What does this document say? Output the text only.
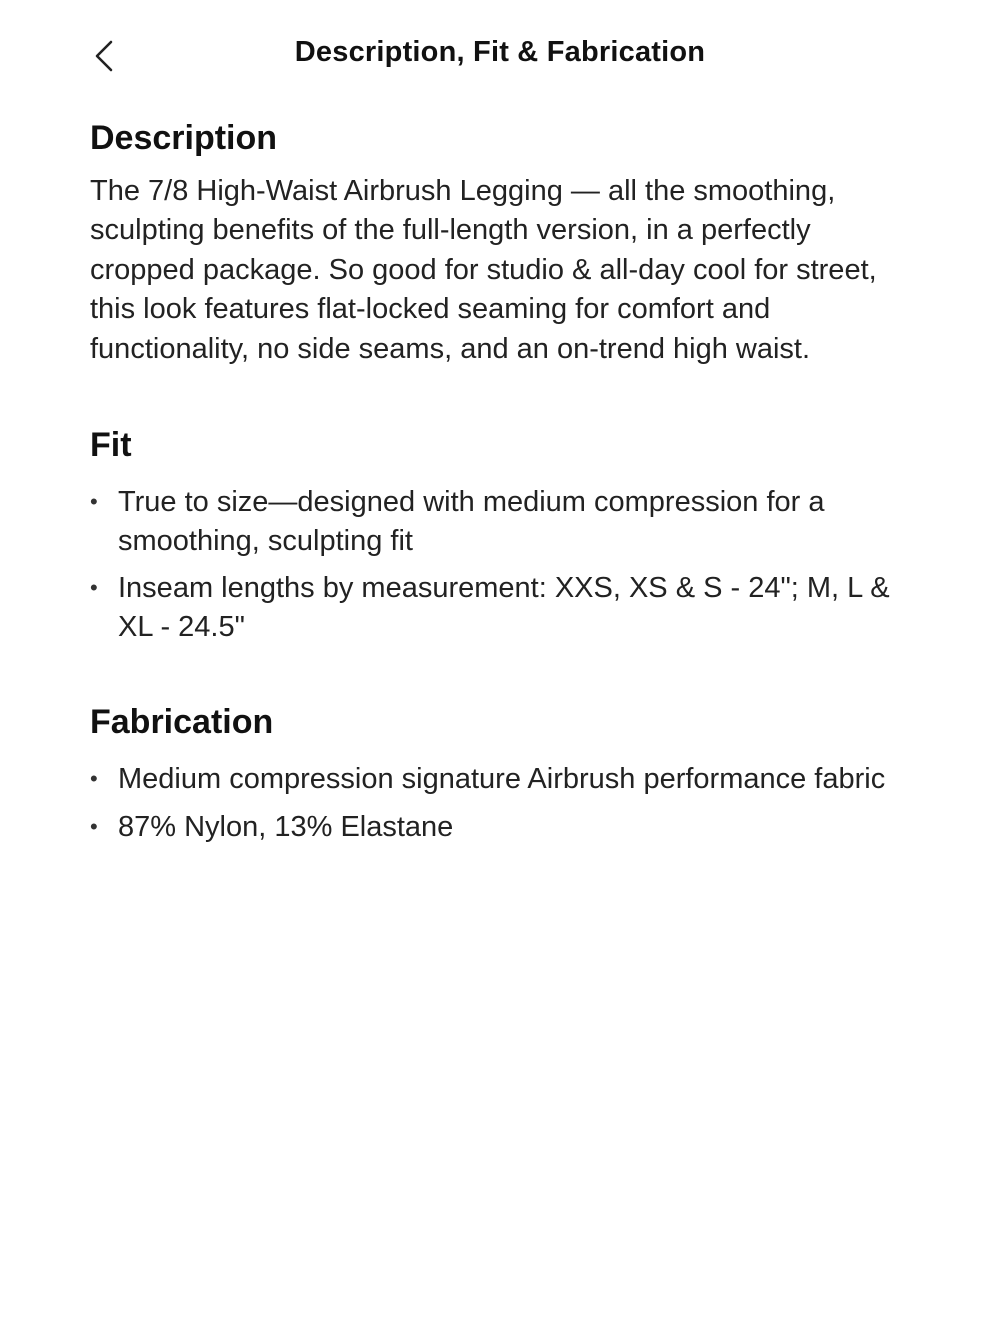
Description, Fit & Fabrication
Description

The 7/8 High-Waist Airbrush Legging — all the smoothing, sculpting benefits of the full-length version, in a perfectly cropped package. So good for studio & all-day cool for street, this look features flat-locked seaming for comfort and functionality, no side seams, and an on-trend high waist.

Fit
• True to size—designed with medium compression for a smoothing, sculpting fit
• Inseam lengths by measurement: XXS, XS & S - 24"; M, L & XL - 24.5"
Fabrication
• Medium compression signature Airbrush performance fabric
• 87% Nylon, 13% Elastane
